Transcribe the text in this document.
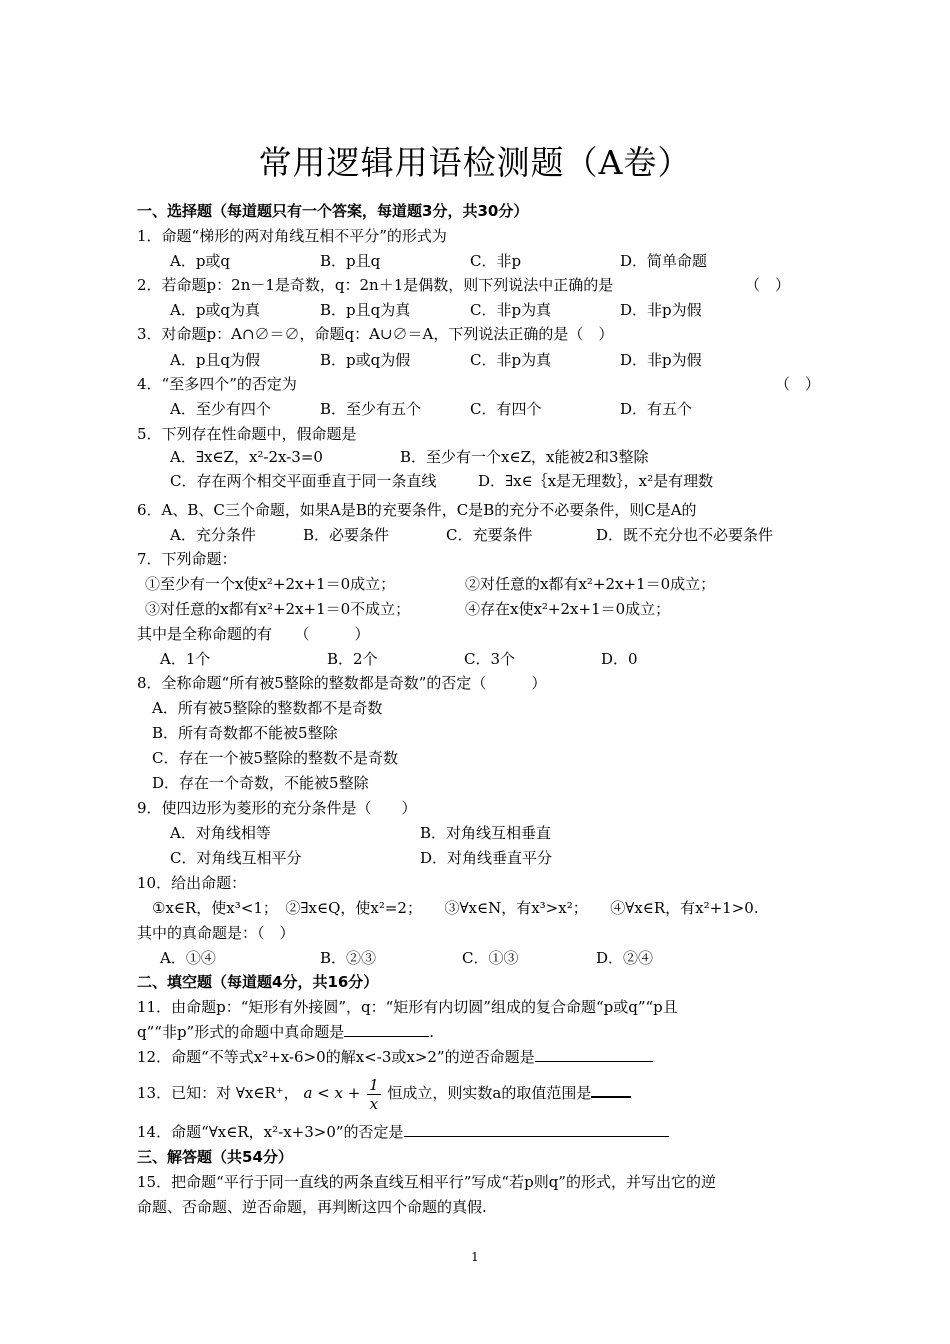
常用逻辑用语检测题（A卷）
一、选择题（每道题只有一个答案，每道题3分，共30分）
1．命题“梯形的两对角线互相不平分”的形式为
A．p或q	B．p且q	C．非p	D．简单命题
2．若命题p：2n－1是奇数，q：2n＋1是偶数，则下列说法中正确的是	（　）
A．p或q为真	B．p且q为真	C．非p为真	D．非p为假
3．对命题p：A∩∅＝∅，命题q：A∪∅＝A，下列说法正确的是（　）
A．p且q为假	B．p或q为假	C．非p为真	D．非p为假
4．“至多四个”的否定为	（　）
A．至少有四个	B．至少有五个	C．有四个	D．有五个
5．下列存在性命题中，假命题是
A．∃x∈Z，x²-2x-3=0	B．至少有一个x∈Z，x能被2和3整除
C．存在两个相交平面垂直于同一条直线	D．∃x∈｛x是无理数｝，x²是有理数
6．A、B、C三个命题，如果A是B的充要条件，C是B的充分不必要条件，则C是A的
A．充分条件	B．必要条件	C．充要条件	D．既不充分也不必要条件
7．下列命题：
①至少有一个x使x²+2x+1＝0成立；	②对任意的x都有x²+2x+1＝0成立；
③对任意的x都有x²+2x+1＝0不成立；	④存在x使x²+2x+1＝0成立；
其中是全称命题的有　　（　　　）
A．1个	B．2个	C．3个	D．0
8．全称命题“所有被5整除的整数都是奇数”的否定（　　　）
A．所有被5整除的整数都不是奇数
B．所有奇数都不能被5整除
C．存在一个被5整除的整数不是奇数
D．存在一个奇数，不能被5整除
9．使四边形为菱形的充分条件是（　　）
A．对角线相等	B．对角线互相垂直
C．对角线互相平分	D．对角线垂直平分
10．给出命题：
①x∈R，使x³<1；　②∃x∈Q，使x²=2；　　③∀x∈N，有x³>x²；　　④∀x∈R，有x²+1>0.
其中的真命题是：（　）
A．①④	B．②③	C．①③	D．②④
二、填空题（每道题4分，共16分）
11．由命题p：“矩形有外接圆”，q：“矩形有内切圆”组成的复合命题“p或q”“p且
q”“非p”形式的命题中真命题是	.
12．命题“不等式x²+x-6>0的解x<-3或x>2”的逆否命题是
13．已知：对 ∀x∈R⁺， $a < x + \frac{1}{x}$ 恒成立，则实数a的取值范围是
14．命题“∀x∈R，x²-x+3>0”的否定是
三、解答题（共54分）
15．把命题“平行于同一直线的两条直线互相平行”写成“若p则q”的形式，并写出它的逆
命题、否命题、逆否命题，再判断这四个命题的真假.
1
